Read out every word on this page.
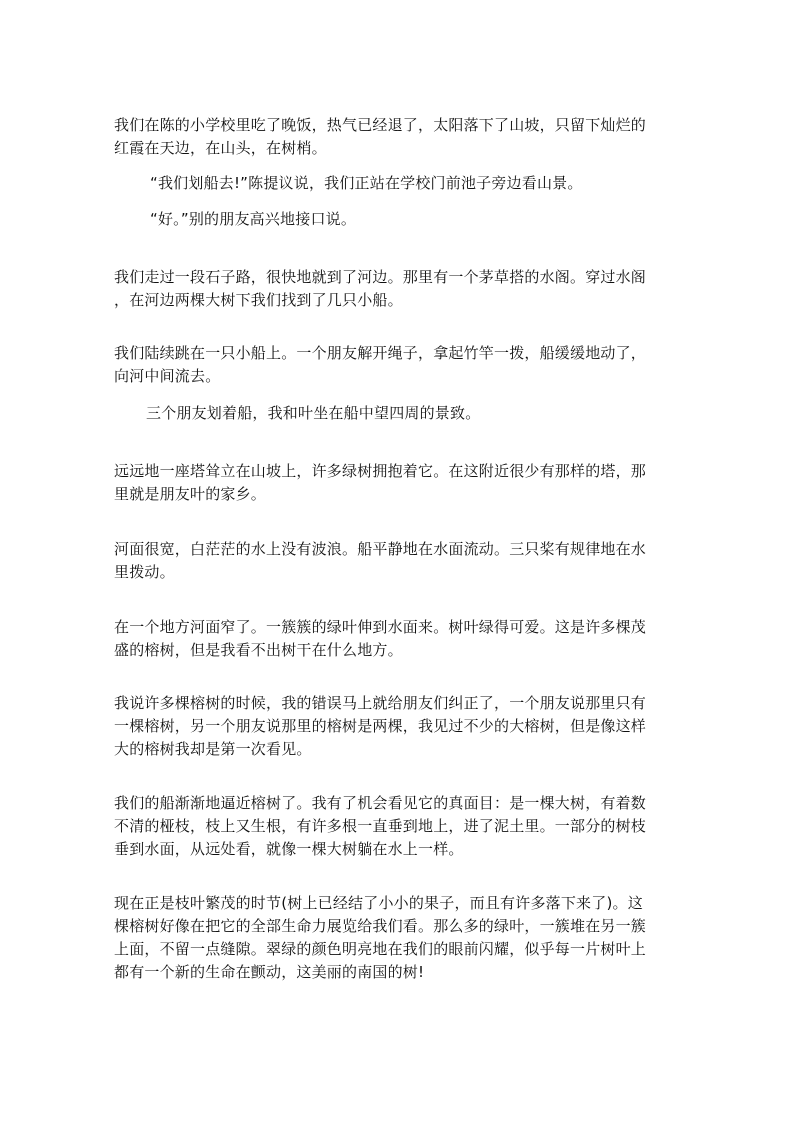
我们在陈的小学校里吃了晚饭，热气已经退了，太阳落下了山坡，只留下灿烂的
红霞在天边，在山头，在树梢。
“我们划船去!”陈提议说，我们正站在学校门前池子旁边看山景。
“好。”别的朋友高兴地接口说。
我们走过一段石子路，很快地就到了河边。那里有一个茅草搭的水阁。穿过水阁
，在河边两棵大树下我们找到了几只小船。
我们陆续跳在一只小船上。一个朋友解开绳子，拿起竹竿一拨，船缓缓地动了，
向河中间流去。
三个朋友划着船，我和叶坐在船中望四周的景致。
远远地一座塔耸立在山坡上，许多绿树拥抱着它。在这附近很少有那样的塔，那
里就是朋友叶的家乡。
河面很宽，白茫茫的水上没有波浪。船平静地在水面流动。三只桨有规律地在水
里拨动。
在一个地方河面窄了。一簇簇的绿叶伸到水面来。树叶绿得可爱。这是许多棵茂
盛的榕树，但是我看不出树干在什么地方。
我说许多棵榕树的时候，我的错误马上就给朋友们纠正了，一个朋友说那里只有
一棵榕树，另一个朋友说那里的榕树是两棵，我见过不少的大榕树，但是像这样
大的榕树我却是第一次看见。
我们的船渐渐地逼近榕树了。我有了机会看见它的真面目：是一棵大树，有着数
不清的桠枝，枝上又生根，有许多根一直垂到地上，进了泥土里。一部分的树枝
垂到水面，从远处看，就像一棵大树躺在水上一样。
现在正是枝叶繁茂的时节(树上已经结了小小的果子，而且有许多落下来了)。这
棵榕树好像在把它的全部生命力展览给我们看。那么多的绿叶，一簇堆在另一簇
上面，不留一点缝隙。翠绿的颜色明亮地在我们的眼前闪耀，似乎每一片树叶上
都有一个新的生命在颤动，这美丽的南国的树!
